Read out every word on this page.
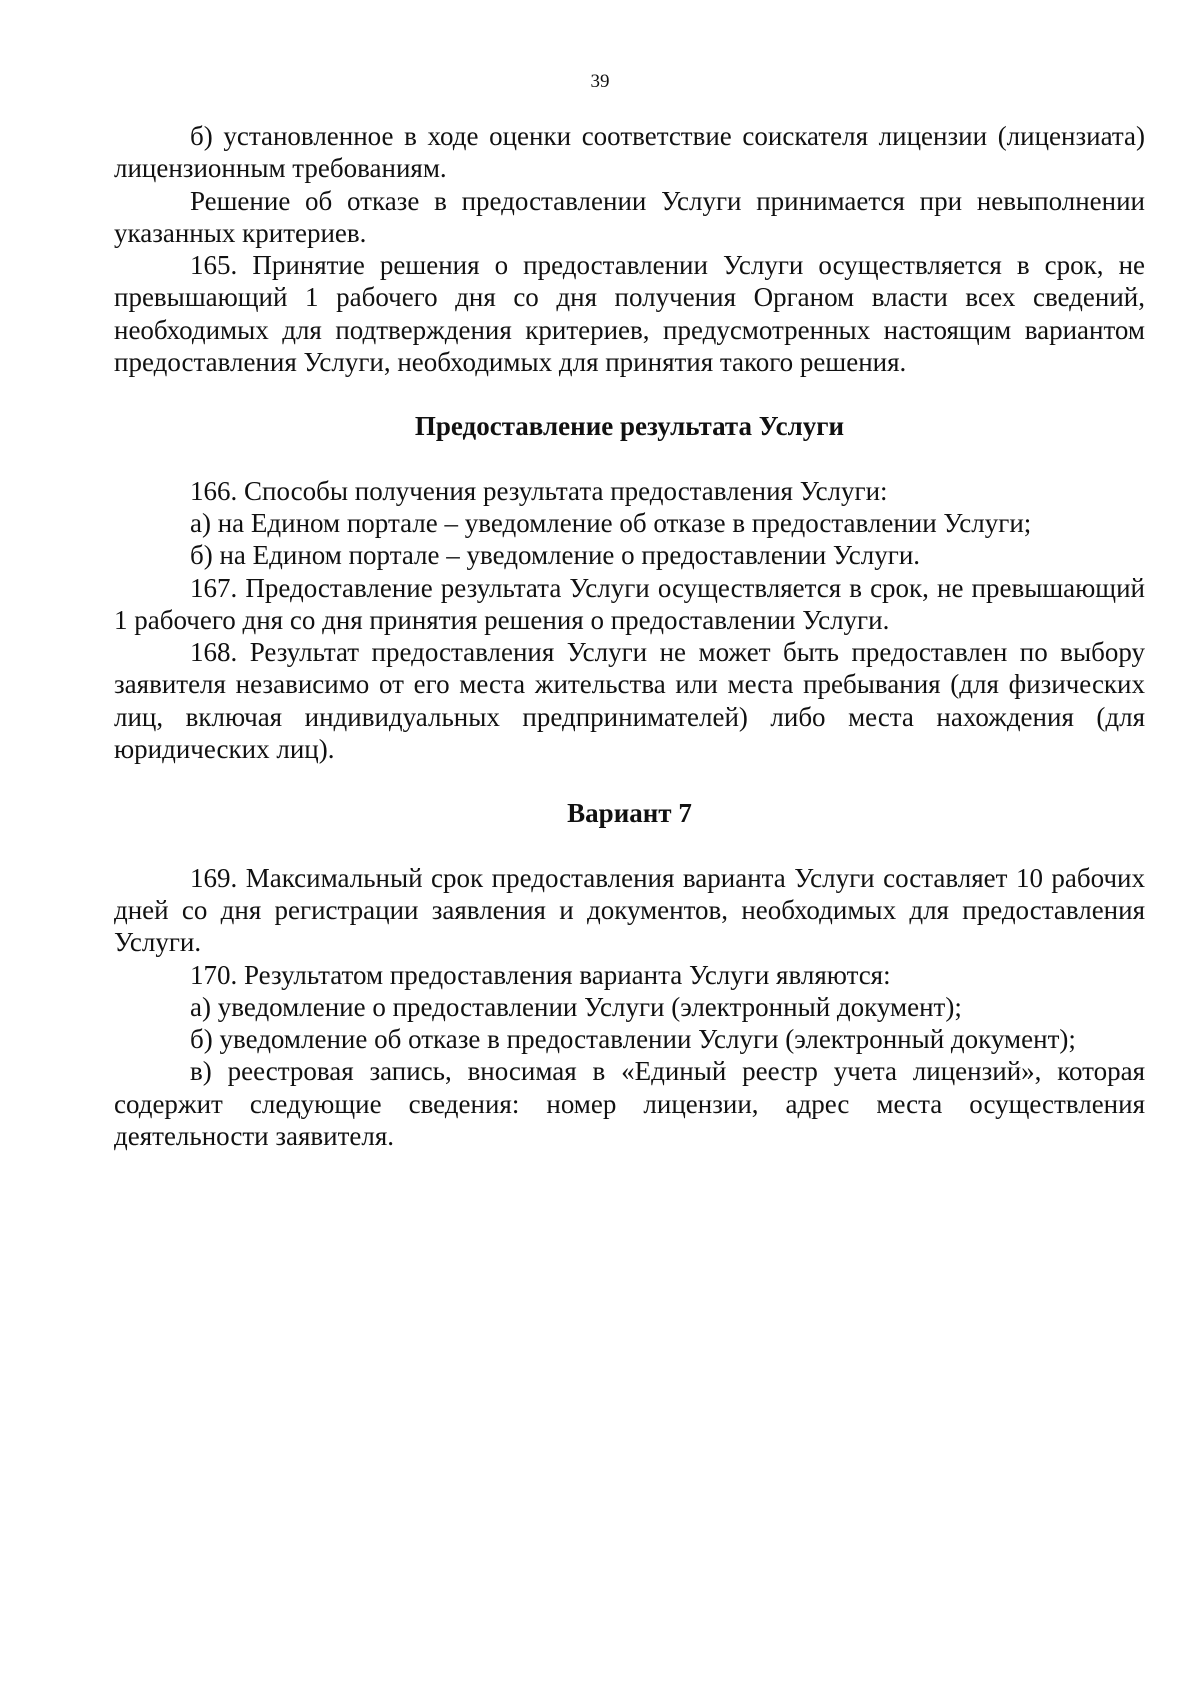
39

б) установленное в ходе оценки соответствие соискателя лицензии (лицензиата) лицензионным требованиям.

Решение об отказе в предоставлении Услуги принимается при невыполнении указанных критериев.

165. Принятие решения о предоставлении Услуги осуществляется в срок, не превышающий 1 рабочего дня со дня получения Органом власти всех сведений, необходимых для подтверждения критериев, предусмотренных настоящим вариантом предоставления Услуги, необходимых для принятия такого решения.

Предоставление результата Услуги

166. Способы получения результата предоставления Услуги:

а) на Едином портале – уведомление об отказе в предоставлении Услуги;

б) на Едином портале – уведомление о предоставлении Услуги.

167. Предоставление результата Услуги осуществляется в срок, не превышающий 1 рабочего дня со дня принятия решения о предоставлении Услуги.

168. Результат предоставления Услуги не может быть предоставлен по выбору заявителя независимо от его места жительства или места пребывания (для физических лиц, включая индивидуальных предпринимателей) либо места нахождения (для юридических лиц).

Вариант 7

169. Максимальный срок предоставления варианта Услуги составляет 10 рабочих дней со дня регистрации заявления и документов, необходимых для предоставления Услуги.

170. Результатом предоставления варианта Услуги являются:

а) уведомление о предоставлении Услуги (электронный документ);

б) уведомление об отказе в предоставлении Услуги (электронный документ);

в) реестровая запись, вносимая в «Единый реестр учета лицензий», которая содержит следующие сведения: номер лицензии, адрес места осуществления деятельности заявителя.
